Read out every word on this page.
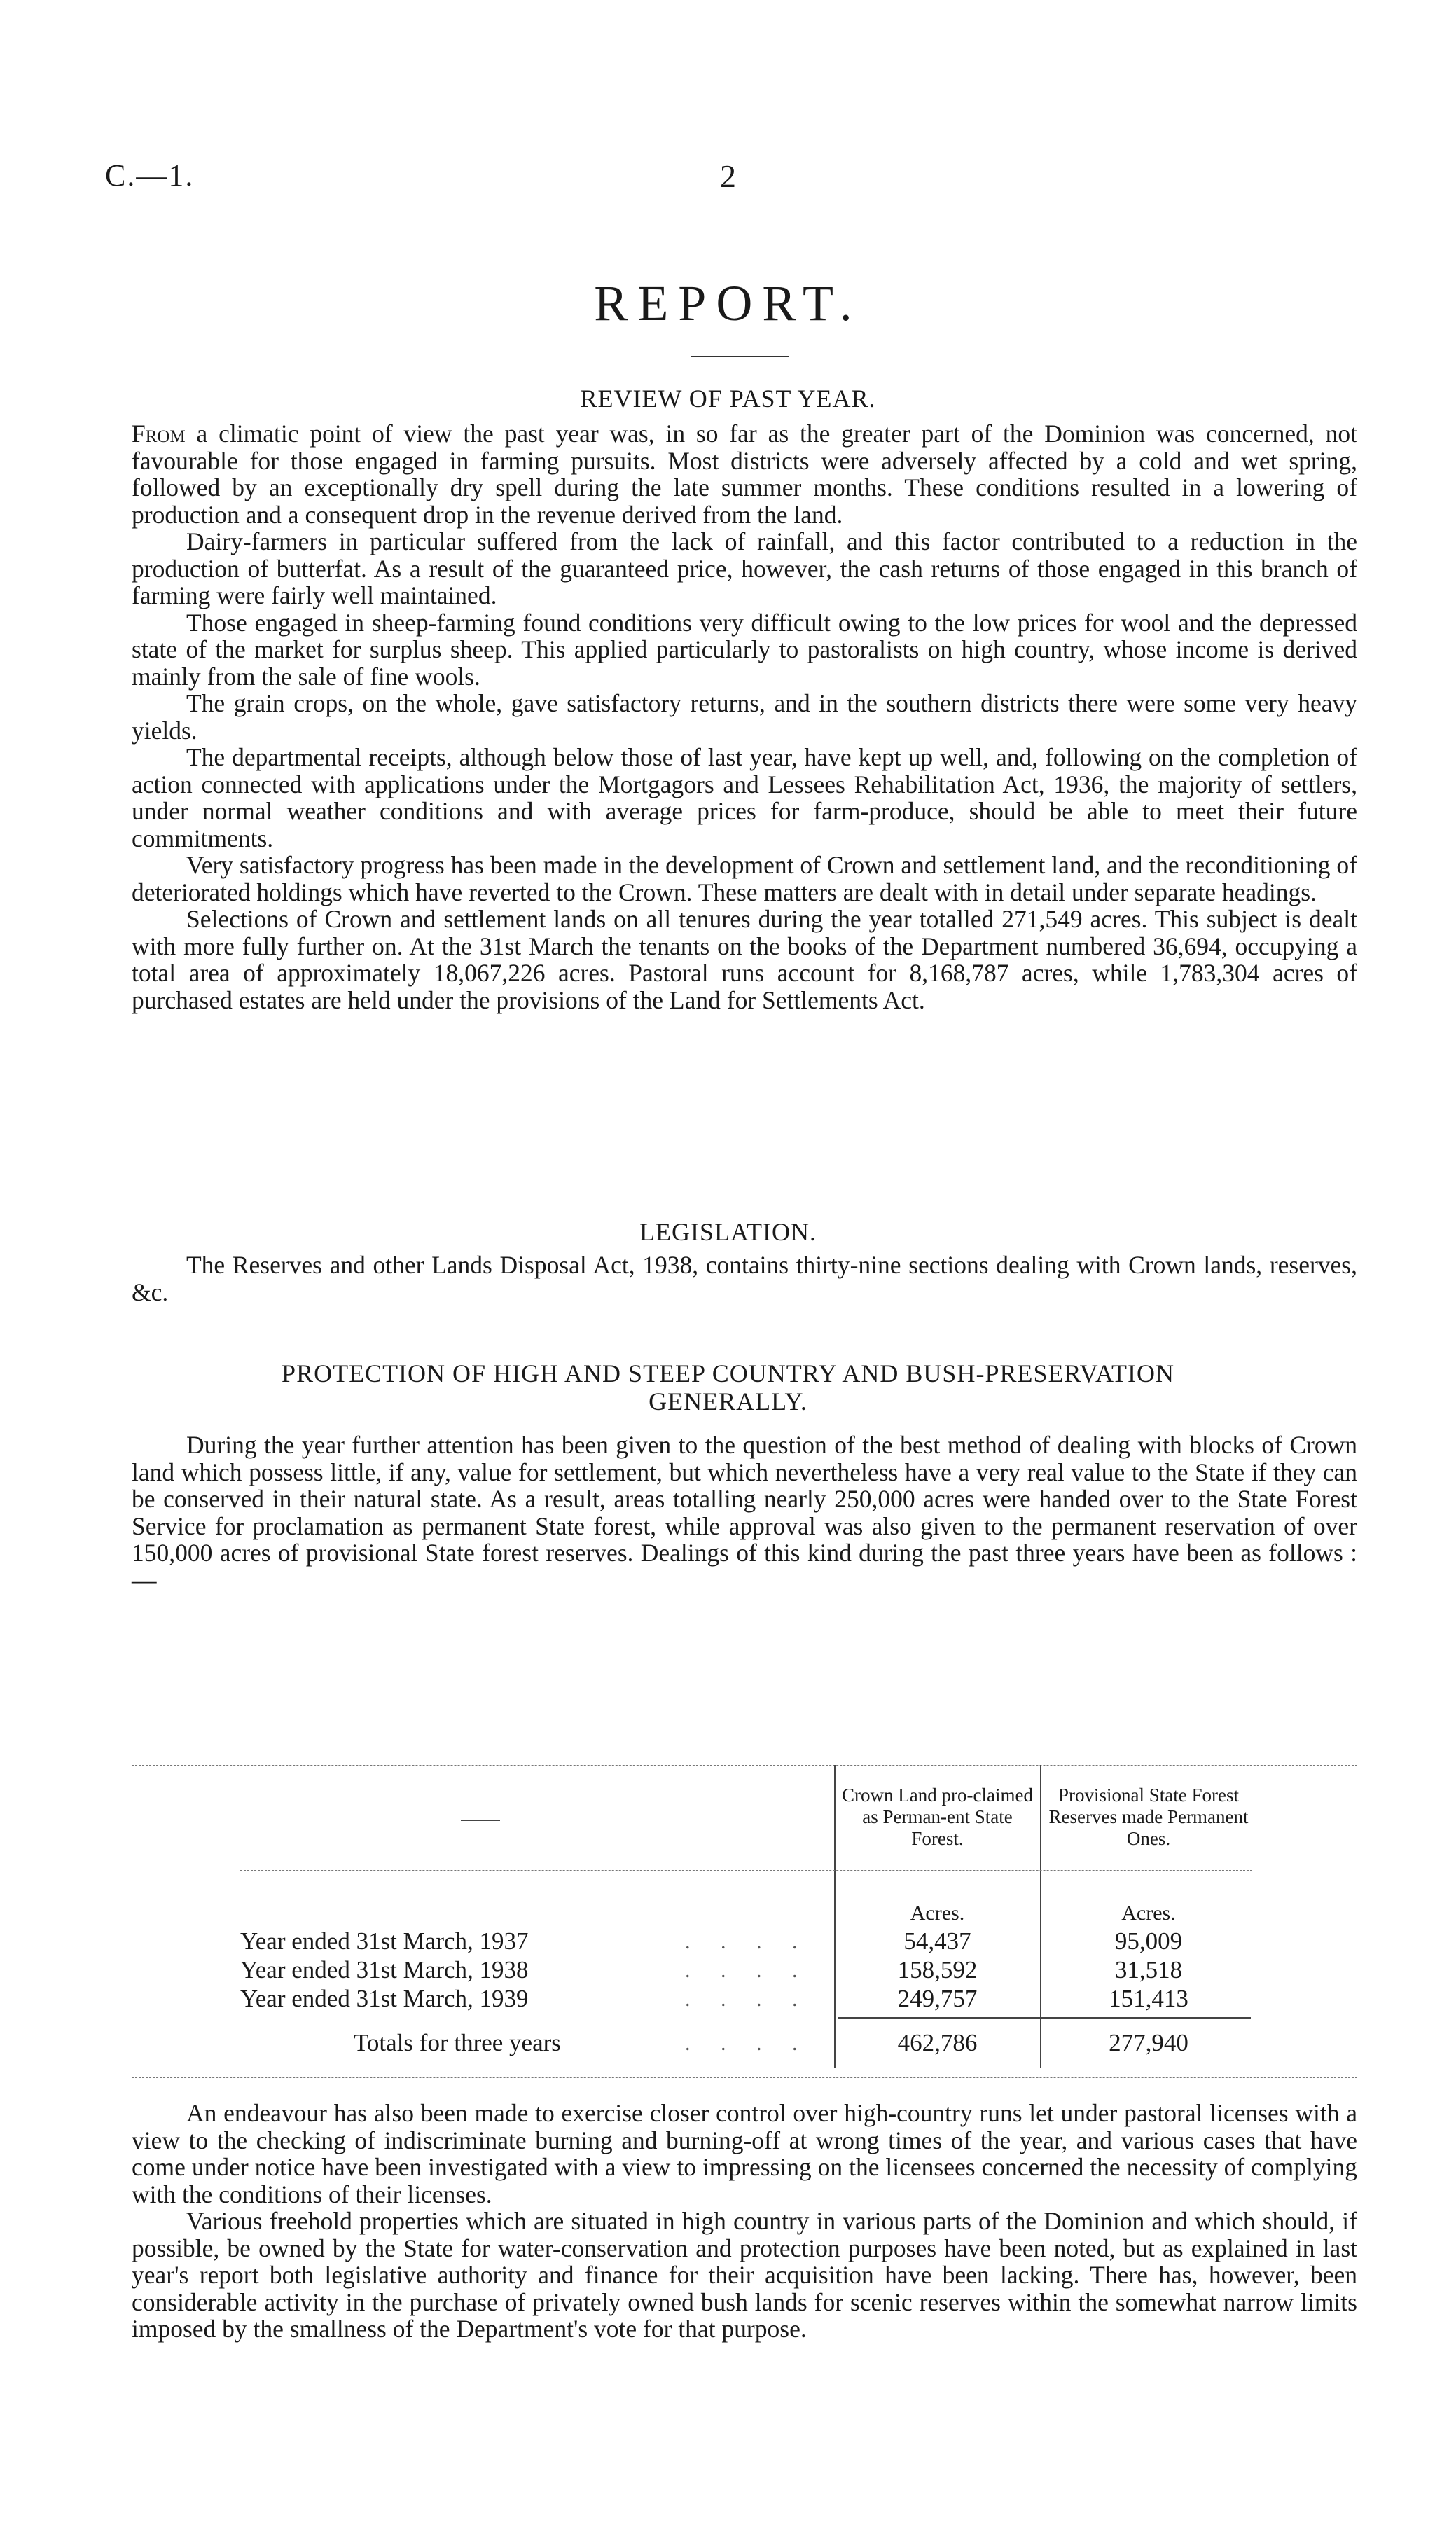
C.—1.	2
REPORT.
REVIEW OF PAST YEAR.

From a climatic point of view the past year was, in so far as the greater part of the Dominion was concerned, not favourable for those engaged in farming pursuits. Most districts were adversely affected by a cold and wet spring, followed by an exceptionally dry spell during the late summer months. These conditions resulted in a lowering of production and a consequent drop in the revenue derived from the land.

Dairy-farmers in particular suffered from the lack of rainfall, and this factor contributed to a reduction in the production of butterfat. As a result of the guaranteed price, however, the cash returns of those engaged in this branch of farming were fairly well maintained.

Those engaged in sheep-farming found conditions very difficult owing to the low prices for wool and the depressed state of the market for surplus sheep. This applied particularly to pastoralists on high country, whose income is derived mainly from the sale of fine wools.

The grain crops, on the whole, gave satisfactory returns, and in the southern districts there were some very heavy yields.

The departmental receipts, although below those of last year, have kept up well, and, following on the completion of action connected with applications under the Mortgagors and Lessees Rehabilitation Act, 1936, the majority of settlers, under normal weather conditions and with average prices for farm-produce, should be able to meet their future commitments.

Very satisfactory progress has been made in the development of Crown and settlement land, and the reconditioning of deteriorated holdings which have reverted to the Crown. These matters are dealt with in detail under separate headings.

Selections of Crown and settlement lands on all tenures during the year totalled 271,549 acres. This subject is dealt with more fully further on. At the 31st March the tenants on the books of the Department numbered 36,694, occupying a total area of approximately 18,067,226 acres. Pastoral runs account for 8,168,787 acres, while 1,783,304 acres of purchased estates are held under the provisions of the Land for Settlements Act.

LEGISLATION.

The Reserves and other Lands Disposal Act, 1938, contains thirty-nine sections dealing with Crown lands, reserves, &c.

PROTECTION OF HIGH AND STEEP COUNTRY AND BUSH-PRESERVATION
GENERALLY.

During the year further attention has been given to the question of the best method of dealing with blocks of Crown land which possess little, if any, value for settlement, but which nevertheless have a very real value to the State if they can be conserved in their natural state. As a result, areas totalling nearly 250,000 acres were handed over to the State Forest Service for proclamation as permanent State forest, while approval was also given to the permanent reservation of over 150,000 acres of provisional State forest reserves. Dealings of this kind during the past three years have been as follows :—

Crown Land pro-claimed as Perman-ent State Forest.
Provisional State Forest Reserves made Permanent Ones.
Acres.	Acres.
Year ended 31st March, 1937	. . . .	54,437	95,009
Year ended 31st March, 1938	. . . .	158,592	31,518
Year ended 31st March, 1939	. . . .	249,757	151,413
Totals for three years	. . . .	462,786	277,940

An endeavour has also been made to exercise closer control over high-country runs let under pastoral licenses with a view to the checking of indiscriminate burning and burning-off at wrong times of the year, and various cases that have come under notice have been investigated with a view to impressing on the licensees concerned the necessity of complying with the conditions of their licenses.

Various freehold properties which are situated in high country in various parts of the Dominion and which should, if possible, be owned by the State for water-conservation and protection purposes have been noted, but as explained in last year's report both legislative authority and finance for their acquisition have been lacking. There has, however, been considerable activity in the purchase of privately owned bush lands for scenic reserves within the somewhat narrow limits imposed by the smallness of the Department's vote for that purpose.
